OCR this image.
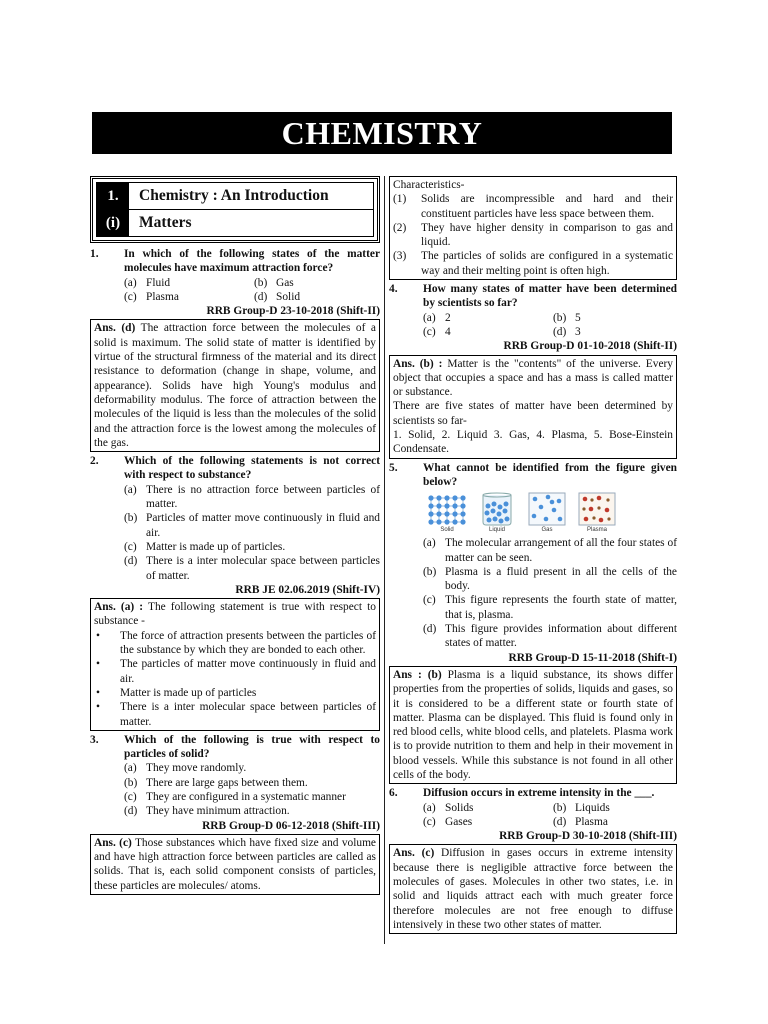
CHEMISTRY
1.	Chemistry : An Introduction
(i)	Matters
1.	In which of the following states of the matter molecules have maximum attraction force?
(a) Fluid	(b) Gas
(c) Plasma	(d) Solid
RRB Group-D 23-10-2018 (Shift-II)
Ans. (d) The attraction force between the molecules of a solid is maximum. The solid state of matter is identified by virtue of the structural firmness of the material and its direct resistance to deformation (change in shape, volume, and appearance). Solids have high Young's modulus and deformability modulus. The force of attraction between the molecules of the liquid is less than the molecules of the solid and the attraction force is the lowest among the molecules of the gas.
2.	Which of the following statements is not correct with respect to substance?
(a) There is no attraction force between particles of matter.
(b) Particles of matter move continuously in fluid and air.
(c) Matter is made up of particles.
(d) There is a inter molecular space between particles of matter.
RRB JE 02.06.2019 (Shift-IV)
Ans. (a) : The following statement is true with respect to substance -
•	The force of attraction presents between the particles of the substance by which they are bonded to each other.
•	The particles of matter move continuously in fluid and air.
•	Matter is made up of particles
•	There is a inter molecular space between particles of matter.
3.	Which of the following is true with respect to particles of solid?
(a) They move randomly.
(b) There are large gaps between them.
(c) They are configured in a systematic manner
(d) They have minimum attraction.
RRB Group-D 06-12-2018 (Shift-III)
Ans. (c) Those substances which have fixed size and volume and have high attraction force between particles are called as solids. That is, each solid component consists of particles, these particles are molecules/ atoms.
Characteristics-
(1)	Solids are incompressible and hard and their constituent particles have less space between them.
(2)	They have higher density in comparison to gas and liquid.
(3)	The particles of solids are configured in a systematic way and their melting point is often high.
4.	How many states of matter have been determined by scientists so far?
(a) 2	(b) 5
(c) 4	(d) 3
RRB Group-D 01-10-2018 (Shift-II)
Ans. (b) : Matter is the "contents" of the universe. Every object that occupies a space and has a mass is called matter or substance.
There are five states of matter have been determined by scientists so far-
1. Solid, 2. Liquid 3. Gas, 4. Plasma, 5. Bose-Einstein Condensate.
5.	What cannot be identified from the figure given below?
Solid	Liquid	Gas	Plasma
(a) The molecular arrangement of all the four states of matter can be seen.
(b) Plasma is a fluid present in all the cells of the body.
(c) This figure represents the fourth state of matter, that is, plasma.
(d) This figure provides information about different states of matter.
RRB Group-D 15-11-2018 (Shift-I)
Ans : (b) Plasma is a liquid substance, its shows differ properties from the properties of solids, liquids and gases, so it is considered to be a different state or fourth state of matter. Plasma can be displayed. This fluid is found only in red blood cells, white blood cells, and platelets. Plasma work is to provide nutrition to them and help in their movement in blood vessels. While this substance is not found in all other cells of the body.
6.	Diffusion occurs in extreme intensity in the ___.
(a) Solids	(b) Liquids
(c) Gases	(d) Plasma
RRB Group-D 30-10-2018 (Shift-III)
Ans. (c) Diffusion in gases occurs in extreme intensity because there is negligible attractive force between the molecules of gases. Molecules in other two states, i.e. in solid and liquids attract each with much greater force therefore molecules are not free enough to diffuse intensively in these two other states of matter.
